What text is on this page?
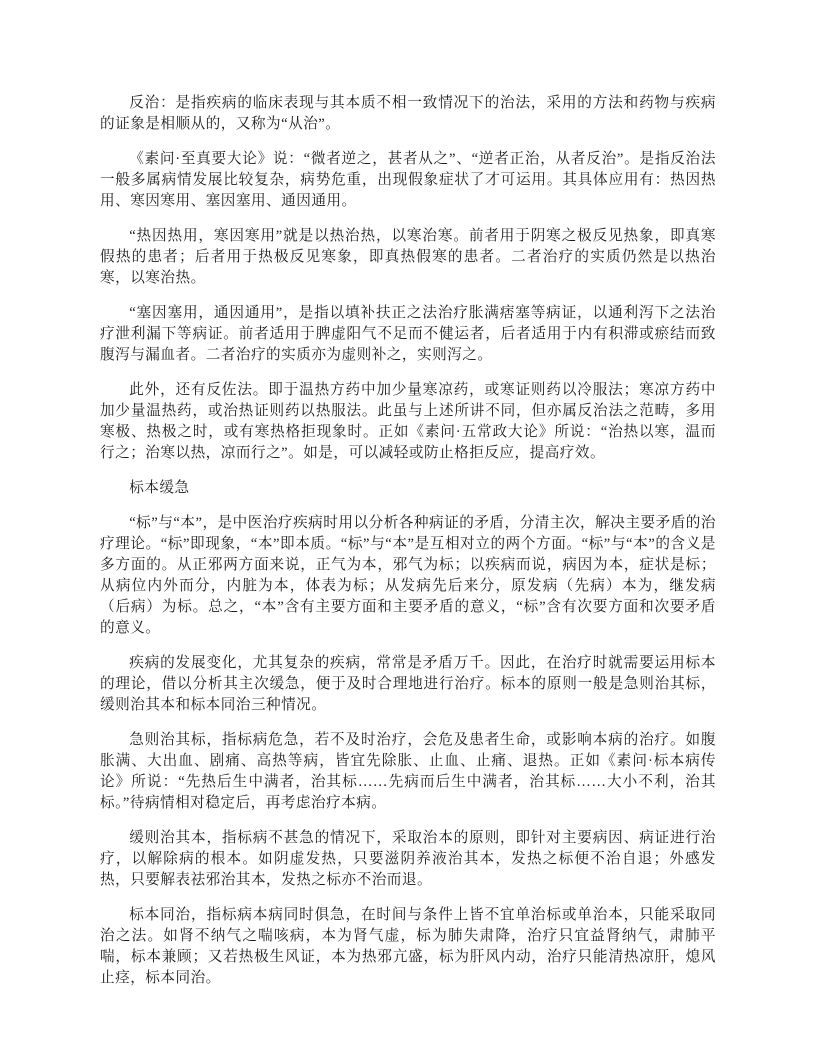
反治：是指疾病的临床表现与其本质不相一致情况下的治法，采用的方法和药物与疾病的证象是相顺从的，又称为“从治”。

《素问·至真要大论》说：“微者逆之，甚者从之”、“逆者正治，从者反治”。是指反治法一般多属病情发展比较复杂，病势危重，出现假象症状了才可运用。其具体应用有：热因热用、寒因寒用、塞因塞用、通因通用。

“热因热用，寒因寒用”就是以热治热，以寒治寒。前者用于阴寒之极反见热象，即真寒假热的患者；后者用于热极反见寒象，即真热假寒的患者。二者治疗的实质仍然是以热治寒，以寒治热。

“塞因塞用，通因通用”，是指以填补扶正之法治疗胀满痞塞等病证，以通利泻下之法治疗泄利漏下等病证。前者适用于脾虚阳气不足而不健运者，后者适用于内有积滞或瘀结而致腹泻与漏血者。二者治疗的实质亦为虚则补之，实则泻之。

此外，还有反佐法。即于温热方药中加少量寒凉药，或寒证则药以冷服法；寒凉方药中加少量温热药，或治热证则药以热服法。此虽与上述所讲不同，但亦属反治法之范畴，多用寒极、热极之时，或有寒热格拒现象时。正如《素问·五常政大论》所说：“治热以寒，温而行之；治寒以热，凉而行之”。如是，可以减轻或防止格拒反应，提高疗效。

标本缓急

“标”与“本”，是中医治疗疾病时用以分析各种病证的矛盾，分清主次，解决主要矛盾的治疗理论。“标”即现象，“本”即本质。“标”与“本”是互相对立的两个方面。“标”与“本”的含义是多方面的。从正邪两方面来说，正气为本，邪气为标；以疾病而说，病因为本，症状是标；从病位内外而分，内脏为本，体表为标；从发病先后来分，原发病（先病）本为，继发病（后病）为标。总之，“本”含有主要方面和主要矛盾的意义，“标”含有次要方面和次要矛盾的意义。

疾病的发展变化，尤其复杂的疾病，常常是矛盾万千。因此，在治疗时就需要运用标本的理论，借以分析其主次缓急，便于及时合理地进行治疗。标本的原则一般是急则治其标，缓则治其本和标本同治三种情况。

急则治其标，指标病危急，若不及时治疗，会危及患者生命，或影响本病的治疗。如腹胀满、大出血、剧痛、高热等病，皆宜先除胀、止血、止痛、退热。正如《素问·标本病传论》所说：“先热后生中满者，治其标……先病而后生中满者，治其标……大小不利，治其标。”待病情相对稳定后，再考虑治疗本病。

缓则治其本，指标病不甚急的情况下，采取治本的原则，即针对主要病因、病证进行治疗，以解除病的根本。如阴虚发热，只要滋阴养液治其本，发热之标便不治自退；外感发热，只要解表祛邪治其本，发热之标亦不治而退。

标本同治，指标病本病同时俱急，在时间与条件上皆不宜单治标或单治本，只能采取同治之法。如肾不纳气之喘咳病，本为肾气虚，标为肺失肃降，治疗只宜益肾纳气，肃肺平喘，标本兼顾；又若热极生风证，本为热邪亢盛，标为肝风内动，治疗只能清热凉肝，熄风止痉，标本同治。
